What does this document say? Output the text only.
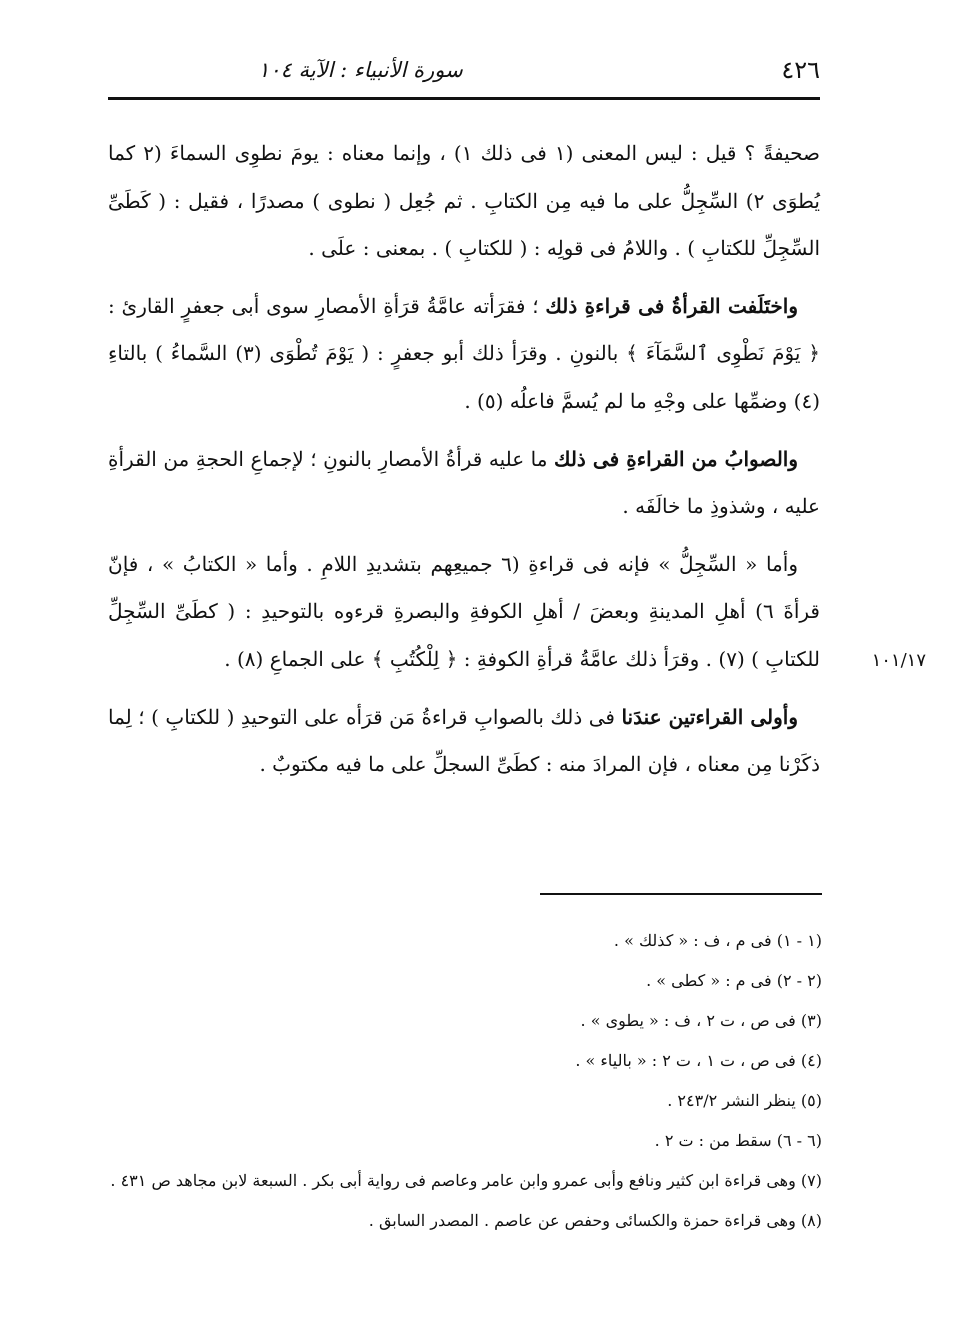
٤٢٦
سورة الأنبياء : الآية ١٠٤

صحيفةً ؟ قيل : ليس المعنى (١ فى ذلك ١) ، وإنما معناه : يومَ نطوِى السماءَ (٢ كما يُطوَى ٢) السِّجِلُّ على ما فيه مِن الكتابِ . ثم جُعِل ( نطوى ) مصدرًا ، فقيل : ( كَطَىِّ السِّجِلِّ للكتابِ ) . واللامُ فى قولِه : ( للكتابِ ) . بمعنى : علَى .

واختَلَفت القرأةُ فى قراءةِ ذلك ؛ فقرَأته عامَّةُ قرَأةِ الأمصارِ سوى أبى جعفرٍ القارئ : ﴿ يَوْمَ نَطْوِى ٱلسَّمَآءَ ﴾ بالنونِ . وقرَأ ذلك أبو جعفرٍ : ( يَوْمَ تُطْوَى (٣) السَّماءُ ) بالتاءِ (٤) وضمِّها على وجْهِ ما لم يُسمَّ فاعلُه (٥) .

والصوابُ من القراءةِ فى ذلك ما عليه قرأةُ الأمصارِ بالنونِ ؛ لإجماعِ الحجةِ من القرأةِ عليه ، وشذوذِ ما خالَفَه .

وأما « السِّجِلُّ » فإنه فى قراءةِ (٦ جميعِهم بتشديدِ اللامِ . وأما « الكتابُ » ، فإنّ قرأةَ ٦) أهلِ المدينةِ وبعضَ / أهلِ الكوفةِ والبصرةِ قرءوه بالتوحيدِ : ( كطَىِّ السِّجِلِّ للكتابِ ) (٧) . وقرَأ ذلك عامَّةُ قرأةِ الكوفةِ : ﴿ لِلْكُتُبِ ﴾ على الجماعِ (٨) .

وأولى القراءتين عندَنا فى ذلك بالصوابِ قراءةُ مَن قرَأه على التوحيدِ ( للكتابِ ) ؛ لِما ذكَرْنا مِن معناه ، فإن المرادَ منه : كطَىِّ السجلِّ على ما فيه مكتوبٌ .

١٠١/١٧

(١ - ١) فى م ، ف : « كذلك » .

(٢ - ٢) فى م : « كطى » .

(٣) فى ص ، ت ٢ ، ف : « يطوى » .

(٤) فى ص ، ت ١ ، ت ٢ : « بالياء » .

(٥) ينظر النشر ٢٤٣/٢ .

(٦ - ٦) سقط من : ت ٢ .

(٧) وهى قراءة ابن كثير ونافع وأبى عمرو وابن عامر وعاصم فى رواية أبى بكر . السبعة لابن مجاهد ص ٤٣١ .

(٨) وهى قراءة حمزة والكسائى وحفص عن عاصم . المصدر السابق .
